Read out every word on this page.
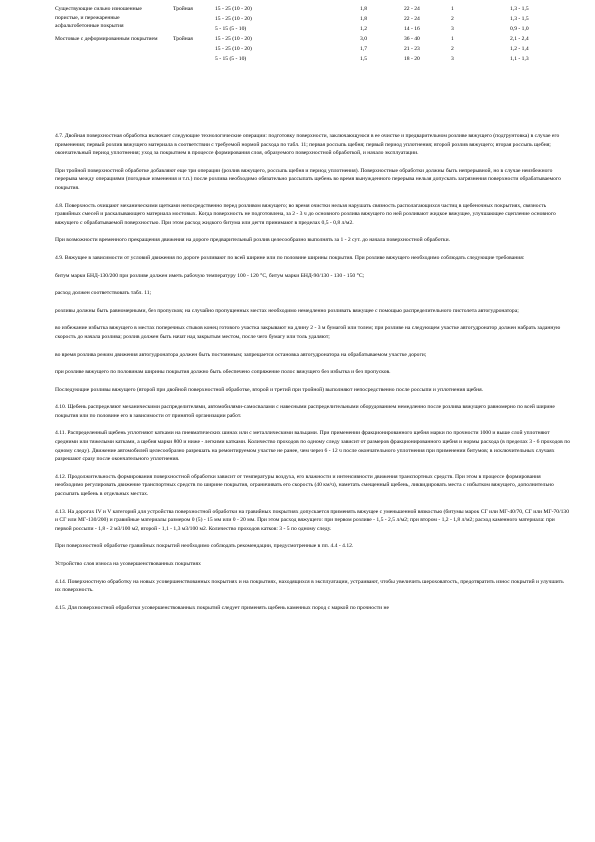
Существующие сильно изношенные пористые, и пережаренные асфальтобетонные покрытия
Тройная	15 - 25 (10 - 20)	1,8	22 - 24	1	1,3 - 1,5
15 - 25 (10 - 20)	1,8	22 - 24	2	1,3 - 1,5
5 - 15 (5 - 10)	1,2	14 - 16	3	0,9 - 1,0
Мостовые с деформированным покрытием	Тройная	15 - 25 (10 - 20)	3,0	36 - 40	1	2,1 - 2,4
15 - 25 (10 - 20)	1,7	21 - 23	2	1,2 - 1,4
5 - 15 (5 - 10)	1,5	18 - 20	3	1,1 - 1,3

4.7. Двойная поверхностная обработка включает следующие технологические операции: подготовку поверхности, заключающуюся в ее очистке и предварительном розливе вяжущего (подгрунтовка) в случае его применения; первый розлив вяжущего материала в соответствии с требуемой нормой расхода по табл. 11; первая россыпь щебня; первый период уплотнения; второй розлив вяжущего; вторая россыпь щебня; окончательный период уплотнения; уход за покрытием в процессе формирования слоя, образуемого поверхностной обработкой, и начало эксплуатации.

При тройной поверхностной обработке добавляют еще три операции (розлив вяжущего, россыпь щебня и период уплотнения). Поверхностные обработки должны быть непрерывной, но в случае неизбежного перерыва между операциями (погодные изменения и т.п.) после розлива необходимо обязательно рассыпать щебень во время вынужденного перерыва нельзя допускать загрязнения поверхности обрабатываемого покрытия.

4.8. Поверхность очищают механическими щетками непосредственно перед розливом вяжущего; во время очистки нельзя нарушать связность располагающихся частиц в щебеночных покрытиях, связность гравийных смесей и раскалывающего материала мостовых. Когда поверхность не подготовлена, за 2 - 3 ч до основного розлива вяжущего по ней розливают жидкое вяжущее, улучшающее сцепление основного вяжущего с обрабатываемой поверхностью. При этом расход жидкого битума или дегтя принимают в пределах 0,5 - 0,8 л/м2.

При возможности временного прекращения движения на дороге предварительный розлив целесообразно выполнять за 1 - 2 сут. до начала поверхностной обработки.

4.9. Вяжущее в зависимости от условий движения по дороге розливают по всей ширине или по половине ширины покрытия. При розливе вяжущего необходимо соблюдать следующие требования:

битум марки БНД-130/200 при розливе должен иметь рабочую температуру 100 - 120 °С, битум марки БНД-90/130 - 130 - 150 °С;

расход должен соответствовать табл. 11;

розливы должны быть равномерными, без пропусков; на случайно пропущенных местах необходимо немедленно розливать вяжущее с помощью распределительного пистолета автогудронатора;

во избежание избытка вяжущего в местах поперечных стыков конец готового участка закрывают на длину 2 - 3 м бумагой или толем; при розливе на следующем участке автогудронатор должен набрать заданную скорость до начала розлива; розлив должен быть начат над закрытым местом, после чего бумагу или толь удаляют;

во время розлива режим движения автогудронатора должен быть постоянным; запрещается остановка автогудронатора на обрабатываемом участке дороги;

при розливе вяжущего по половинам ширины покрытия должно быть обеспечено сопряжение полос вяжущего без избытка и без пропусков.

Последующие розливы вяжущего (второй при двойной поверхностной обработке, второй и третий при тройной) выполняют непосредственно после россыпи и уплотнения щебня.

4.10. Щебень распределяют механическими распределителями, автомобилями-самосвалами с навесными распределительными оборудованием немедленно после розлива вяжущего равномерно по всей ширине покрытия или по половине его в зависимости от принятой организации работ.

4.11. Распределенный щебень уплотняют катками на пневматических шинах или с металлическими вальцами. При применении фракционированного щебня марки по прочности 1000 и выше слой уплотняют средними или тяжелыми катками, а щебня марки 800 и ниже - легкими катками. Количество проходов по одному следу зависит от размеров фракционированного щебня и нормы расхода (в пределах 3 - 6 проходов по одному следу). Движение автомобилей целесообразно разрешать на ремонтируемом участке не ранее, чем через 6 - 12 ч после окончательного уплотнения при применении битумов; в исключительных случаях разрешают сразу после окончательного уплотнения.

4.12. Продолжительность формирования поверхностной обработки зависит от температуры воздуха, его влажности и интенсивности движения транспортных средств. При этом в процессе формирования необходимо регулировать движение транспортных средств по ширине покрытия, ограничивать его скорость (40 км/ч), наметать смещенный щебень, ликвидировать места с избытком вяжущего, дополнительно рассыпать щебень в отдельных местах.

4.13. На дорогах IV и V категорий для устройства поверхностной обработки на гравийных покрытиях допускается применять вяжущее с уменьшенной вязкостью (битумы марок СГ или МГ-40/70, СГ или МГ-70/130 и СГ или МГ-130/200) и гравийные материалы размером 0 (5) - 15 мм или 0 - 20 мм. При этом расход вяжущего: при первом розливе - 1,5 - 2,5 л/м2; при втором - 1,2 - 1,8 л/м2; расход каменного материала: при первой россыпи - 1,8 - 2 м3/100 м2, второй - 1,1 - 1,3 м3/100 м2. Количество проходов катков: 3 - 5 по одному следу.

При поверхностной обработке гравийных покрытий необходимо соблюдать рекомендации, предусмотренные в пп. 4.4 - 4.12.

Устройство слоя износа на усовершенствованных покрытиях

4.14. Поверхностную обработку на новых усовершенствованных покрытиях и на покрытиях, находящихся в эксплуатации, устраивают, чтобы увеличить шероховатость, предотвратить износ покрытий и улучшить их поверхность.

4.15. Для поверхностной обработки усовершенствованных покрытий следует применять щебень каменных пород с маркой по прочности не
